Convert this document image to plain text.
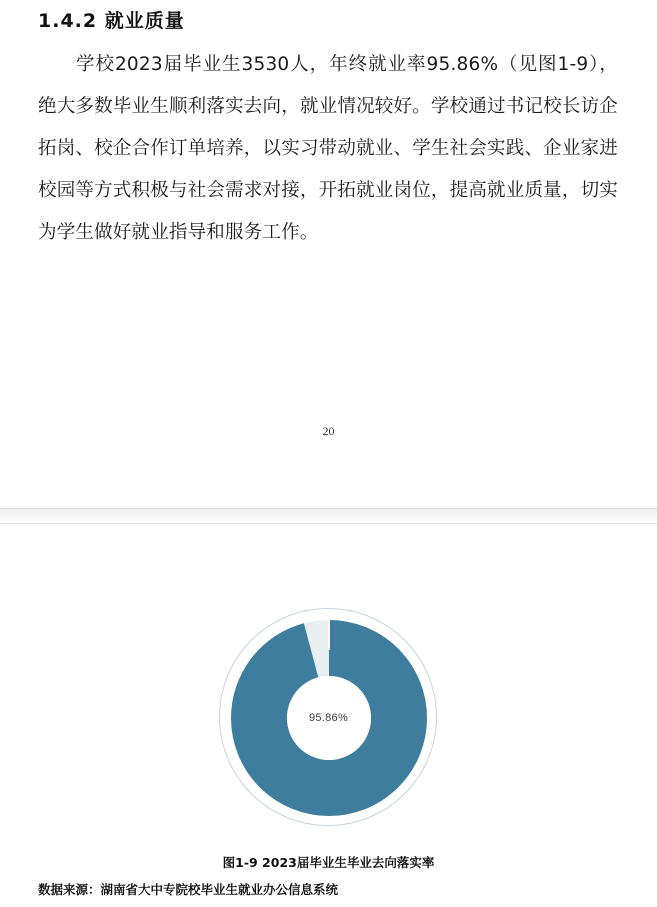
1.4.2 就业质量
学校2023届毕业生3530人，年终就业率95.86%（见图1-9），绝大多数毕业生顺利落实去向，就业情况较好。学校通过书记校长访企拓岗、校企合作订单培养，以实习带动就业、学生社会实践、企业家进校园等方式积极与社会需求对接，开拓就业岗位，提高就业质量，切实为学生做好就业指导和服务工作。
20
95.86%
图1-9 2023届毕业生毕业去向落实率
数据来源：湖南省大中专院校毕业生就业办公信息系统
